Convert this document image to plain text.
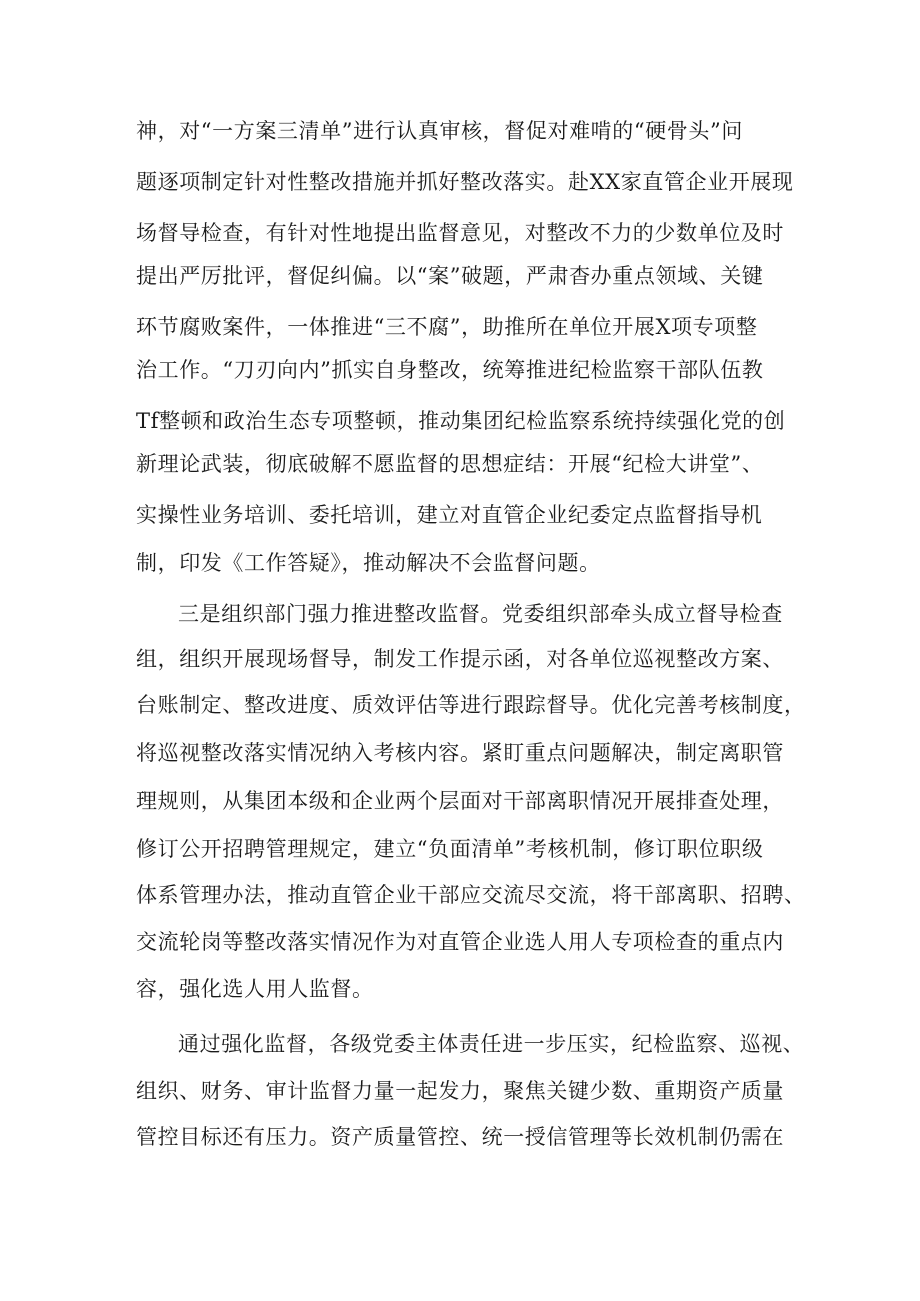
神，对“一方案三清单”进行认真审核，督促对难啃的“硬骨头”问
题逐项制定针对性整改措施并抓好整改落实。赴XX家直管企业开展现
场督导检查，有针对性地提出监督意见，对整改不力的少数单位及时
提出严厉批评，督促纠偏。以“案”破题，严肃杳办重点领域、关键
环节腐败案件，一体推进“三不腐”，助推所在单位开展X项专项整
治工作。“刀刃向内”抓实自身整改，统筹推进纪检监察干部队伍教
Tf整顿和政治生态专项整顿，推动集团纪检监察系统持续强化党的创
新理论武装，彻底破解不愿监督的思想症结：开展“纪检大讲堂”、
实操性业务培训、委托培训，建立对直管企业纪委定点监督指导机
制，印发《工作答疑》，推动解决不会监督问题。
三是组织部门强力推进整改监督。党委组织部牵头成立督导检查
组，组织开展现场督导，制发工作提示函，对各单位巡视整改方案、
台账制定、整改进度、质效评估等进行跟踪督导。优化完善考核制度，
将巡视整改落实情况纳入考核内容。紧盯重点问题解决，制定离职管
理规则，从集团本级和企业两个层面对干部离职情况开展排查处理，
修订公开招聘管理规定，建立“负面清单”考核机制，修订职位职级
体系管理办法，推动直管企业干部应交流尽交流，将干部离职、招聘、
交流轮岗等整改落实情况作为对直管企业选人用人专项检查的重点内
容，强化选人用人监督。
通过强化监督，各级党委主体责任进一步压实，纪检监察、巡视、
组织、财务、审计监督力量一起发力，聚焦关键少数、重期资产质量
管控目标还有压力。资产质量管控、统一授信管理等长效机制仍需在
